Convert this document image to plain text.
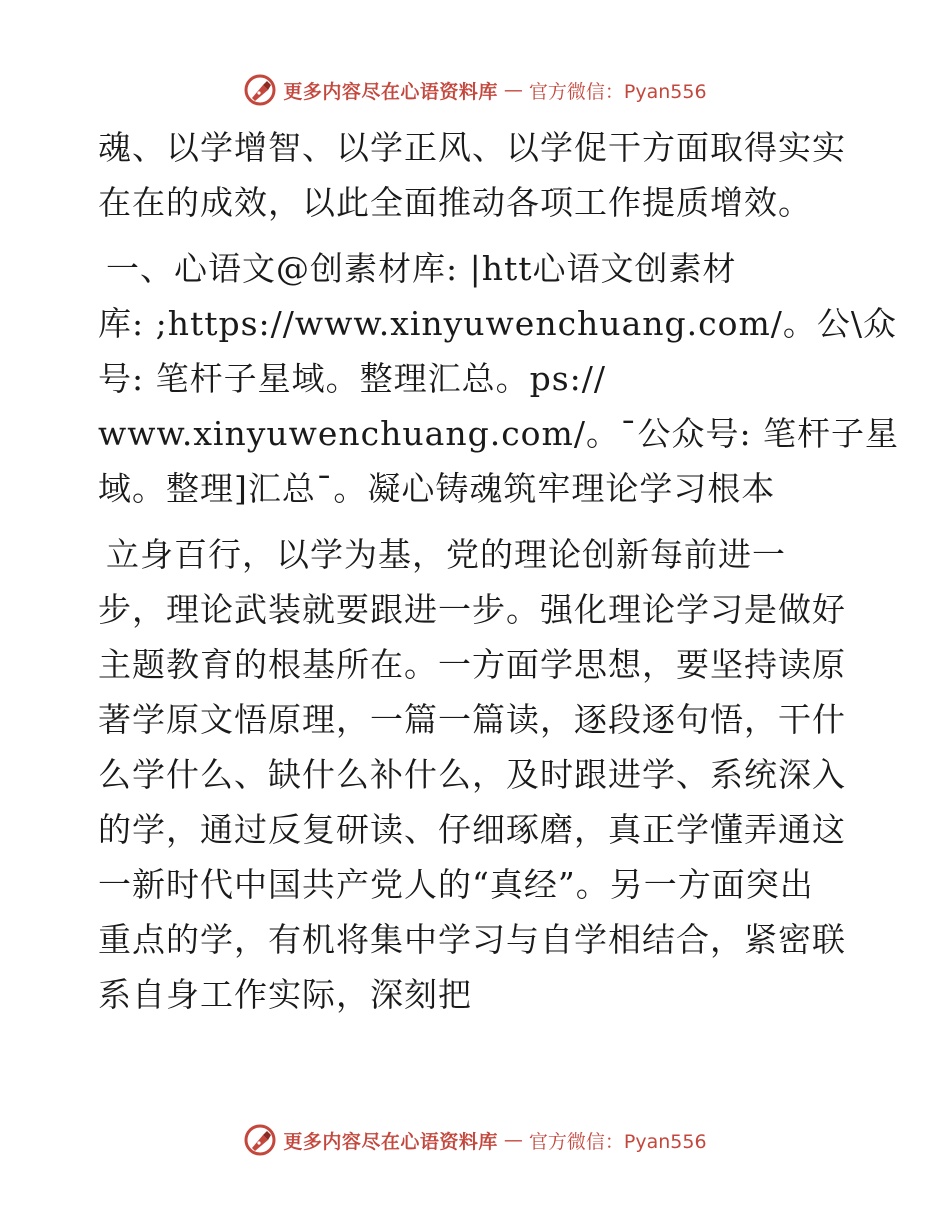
更多内容尽在心语资料库 — 官方微信：Pyan556
魂、以学增智、以学正风、以学促干方面取得实实
在在的成效，以此全面推动各项工作提质增效。
一、心语文@创素材库: |htt心语文创素材
库: ;https://www.xinyuwenchuang.com/。公\众
号: 笔杆子星域。整理汇总。ps://
www.xinyuwenchuang.com/。¯公众号: 笔杆子星
域。整理]汇总¯。凝心铸魂筑牢理论学习根本
立身百行，以学为基，党的理论创新每前进一
步，理论武装就要跟进一步。强化理论学习是做好
主题教育的根基所在。一方面学思想，要坚持读原
著学原文悟原理，一篇一篇读，逐段逐句悟，干什
么学什么、缺什么补什么，及时跟进学、系统深入
的学，通过反复研读、仔细琢磨，真正学懂弄通这
一新时代中国共产党人的“真经”。另一方面突出
重点的学，有机将集中学习与自学相结合，紧密联
系自身工作实际，深刻把
更多内容尽在心语资料库 — 官方微信：Pyan556
